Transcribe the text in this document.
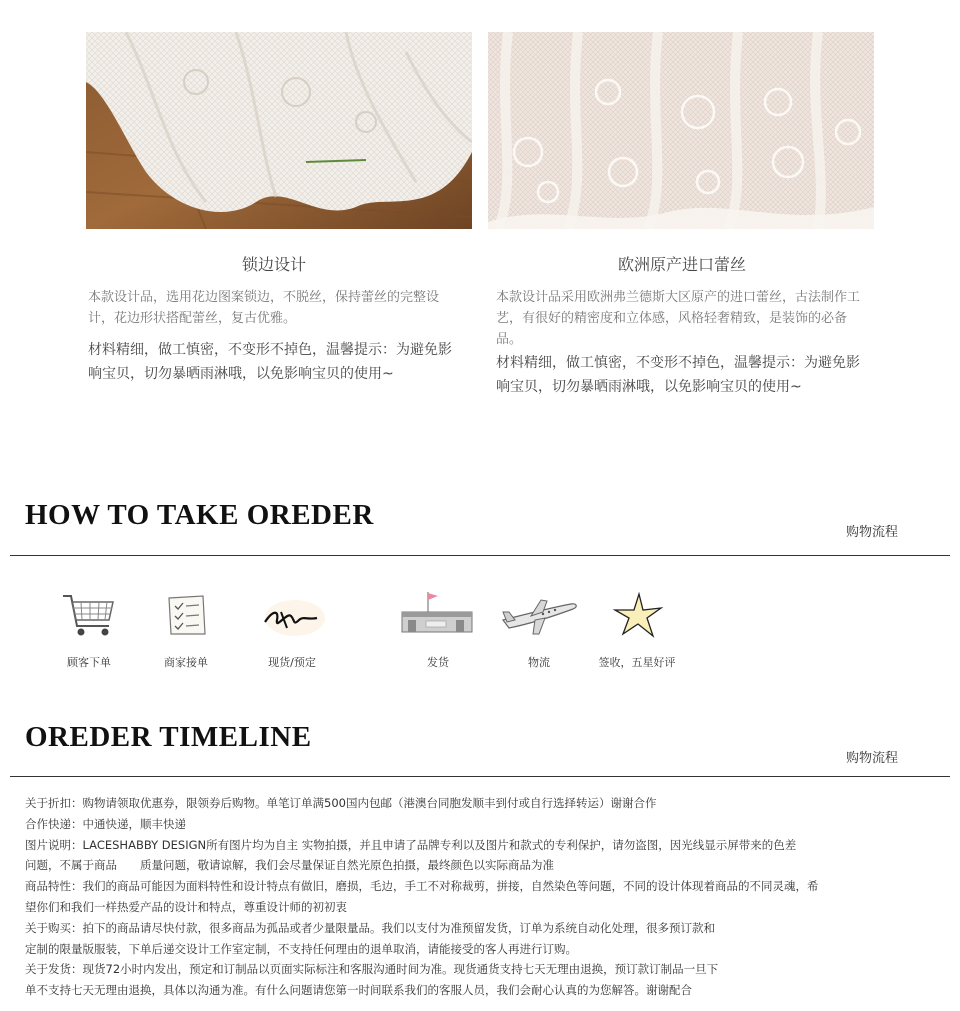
锁边设计

本款设计品，选用花边图案锁边，不脱丝，保持蕾丝的完整设计，花边形状搭配蕾丝，复古优雅。

材料精细，做工慎密，不变形不掉色，温馨提示：为避免影响宝贝，切勿暴晒雨淋哦，以免影响宝贝的使用~

欧洲原产进口蕾丝

本款设计品采用欧洲弗兰德斯大区原产的进口蕾丝，古法制作工艺，有很好的精密度和立体感，风格轻奢精致，是装饰的必备品。

材料精细，做工慎密，不变形不掉色，温馨提示：为避免影响宝贝，切勿暴晒雨淋哦，以免影响宝贝的使用~

HOW TO TAKE OREDER
购物流程
顾客下单	商家接单	现货/预定	发货	物流	签收，五星好评
OREDER TIMELINE
购物流程
关于折扣：购物请领取优惠券，限领券后购物。单笔订单满500国内包邮（港澳台同胞发顺丰到付或自行选择转运）谢谢合作
合作快递：中通快递，顺丰快递
图片说明：LACESHABBY DESIGN所有图片均为自主 实物拍摄，并且申请了品牌专利以及图片和款式的专利保护，请勿盗图，因光线显示屏带来的色差
问题，不属于商品　　质量问题，敬请谅解，我们会尽量保证自然光原色拍摄，最终颜色以实际商品为准
商品特性：我们的商品可能因为面料特性和设计特点有做旧，磨损，毛边，手工不对称裁剪，拼接，自然染色等问题，不同的设计体现着商品的不同灵魂，希
望你们和我们一样热爱产品的设计和特点，尊重设计师的初初衷
关于购买：拍下的商品请尽快付款，很多商品为孤品或者少量限量品。我们以支付为准预留发货，订单为系统自动化处理，很多预订款和
定制的限量版服装，下单后递交设计工作室定制，不支持任何理由的退单取消，请能接受的客人再进行订购。
关于发货：现货72小时内发出，预定和订制品以页面实际标注和客服沟通时间为准。现货通货支持七天无理由退换，预订款订制品一旦下
单不支持七天无理由退换，具体以沟通为准。有什么问题请您第一时间联系我们的客服人员，我们会耐心认真的为您解答。谢谢配合
